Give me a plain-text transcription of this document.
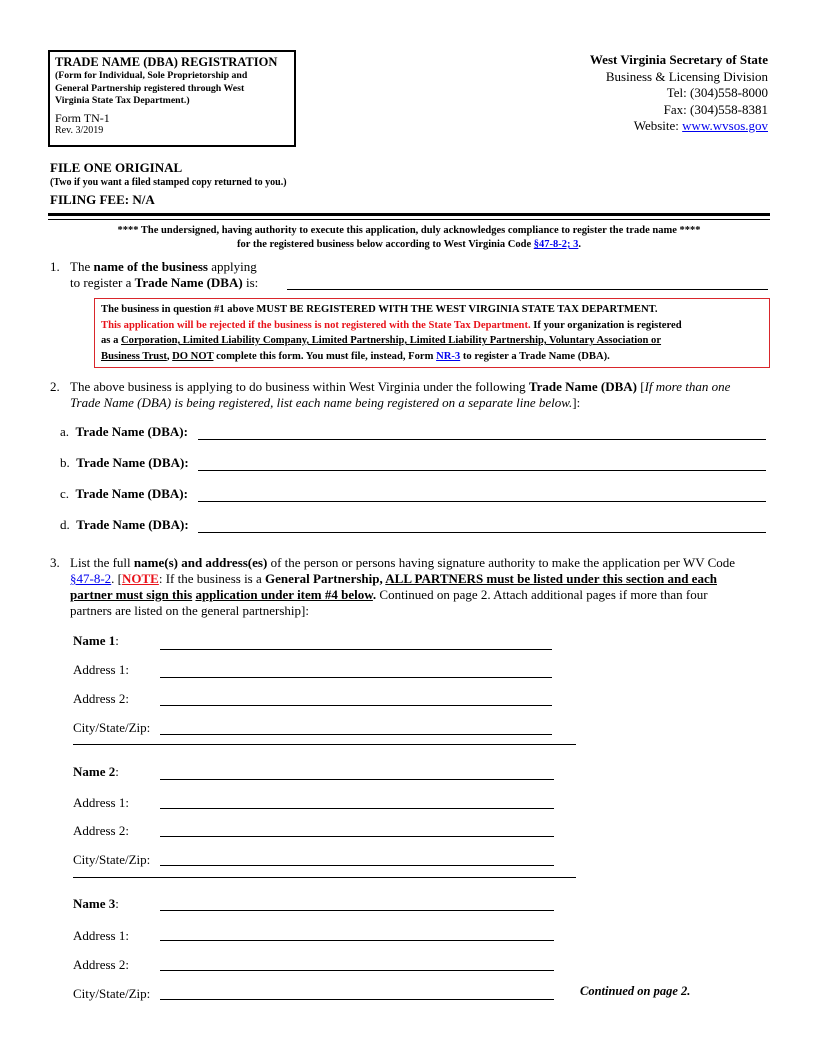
TRADE NAME (DBA) REGISTRATION
(Form for Individual, Sole Proprietorship and
General Partnership registered through West
Virginia State Tax Department.)
Form TN-1
Rev. 3/2019
West Virginia Secretary of State
Business & Licensing Division
Tel: (304)558-8000
Fax: (304)558-8381
Website: www.wvsos.gov
FILE ONE ORIGINAL
(Two if you want a filed stamped copy returned to you.)
FILING FEE: N/A
**** The undersigned, having authority to execute this application, duly acknowledges compliance to register the trade name ****
for the registered business below according to West Virginia Code §47-8-2; 3.
1. The name of the business applying
to register a Trade Name (DBA) is:
The business in question #1 above MUST BE REGISTERED WITH THE WEST VIRGINIA STATE TAX DEPARTMENT.
This application will be rejected if the business is not registered with the State Tax Department. If your organization is registered
as a Corporation, Limited Liability Company, Limited Partnership, Limited Liability Partnership, Voluntary Association or
Business Trust, DO NOT complete this form. You must file, instead, Form NR-3 to register a Trade Name (DBA).
2. The above business is applying to do business within West Virginia under the following Trade Name (DBA) [If more than one
Trade Name (DBA) is being registered, list each name being registered on a separate line below.]:
a. Trade Name (DBA):
b. Trade Name (DBA):
c. Trade Name (DBA):
d. Trade Name (DBA):
3. List the full name(s) and address(es) of the person or persons having signature authority to make the application per WV Code
§47-8-2. [NOTE: If the business is a General Partnership, ALL PARTNERS must be listed under this section and each
partner must sign this application under item #4 below. Continued on page 2. Attach additional pages if more than four
partners are listed on the general partnership]:
Name 1:
Address 1:
Address 2:
City/State/Zip:
Name 2:
Address 1:
Address 2:
City/State/Zip:
Name 3:
Address 1:
Address 2:
City/State/Zip:	Continued on page 2.
